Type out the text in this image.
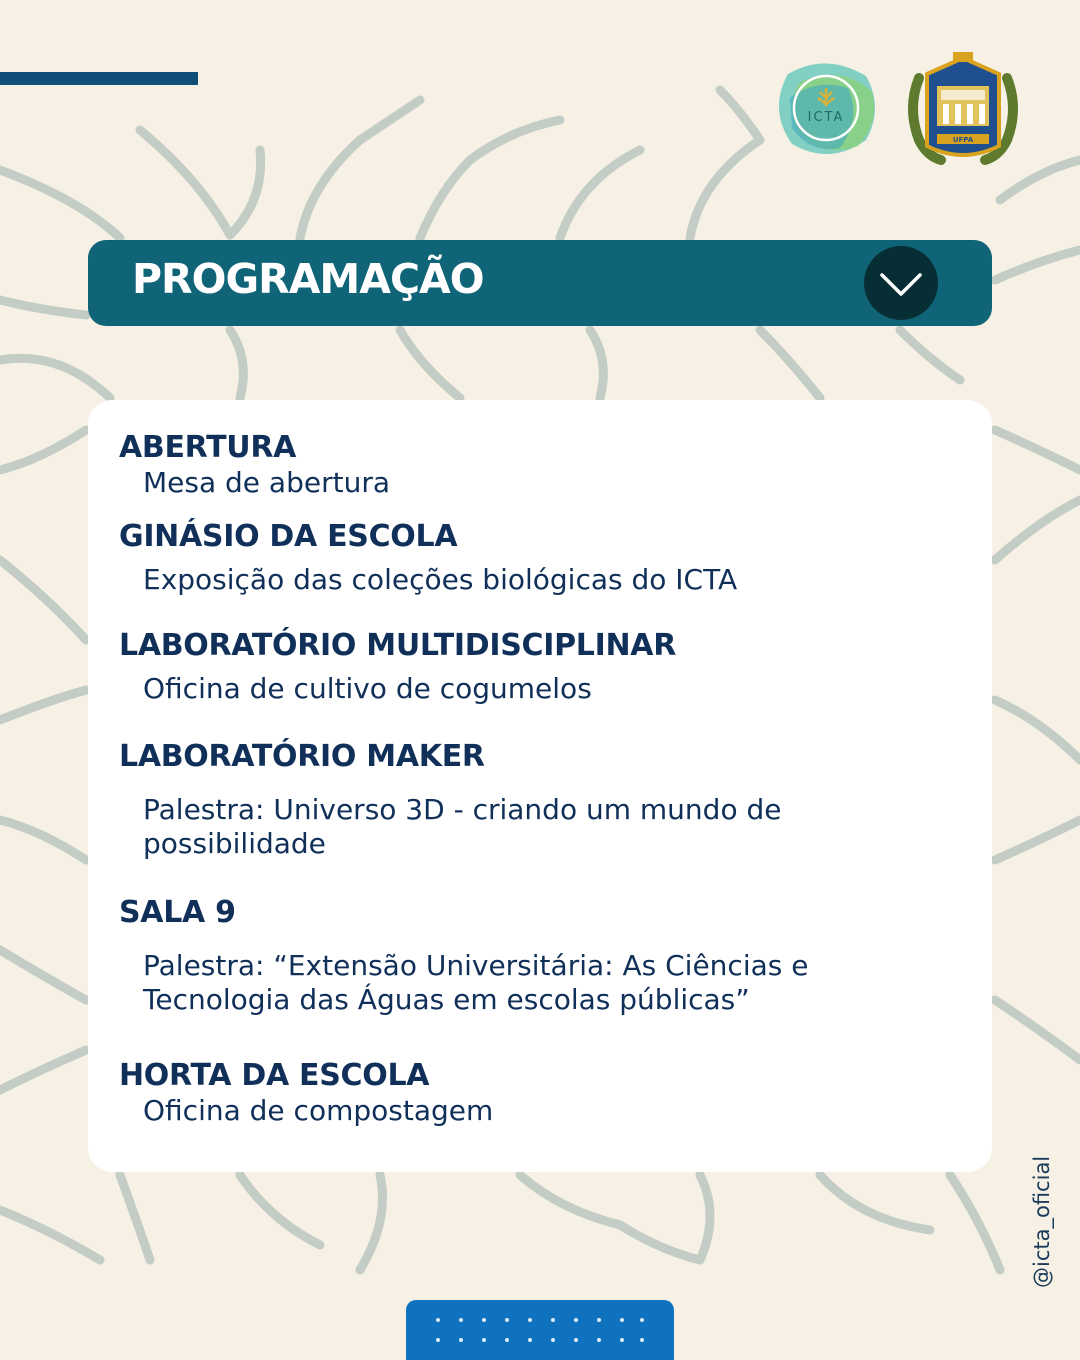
ICTA
UFPA
PROGRAMAÇÃO
ABERTURA
Mesa de abertura
GINÁSIO DA ESCOLA
Exposição das coleções biológicas do ICTA
LABORATÓRIO MULTIDISCIPLINAR
Oficina de cultivo de cogumelos
LABORATÓRIO MAKER
Palestra: Universo 3D - criando um mundo de possibilidade
SALA 9
Palestra: “Extensão Universitária: As Ciências e Tecnologia das Águas em escolas públicas”
HORTA DA ESCOLA
Oficina de compostagem
@icta_oficial
